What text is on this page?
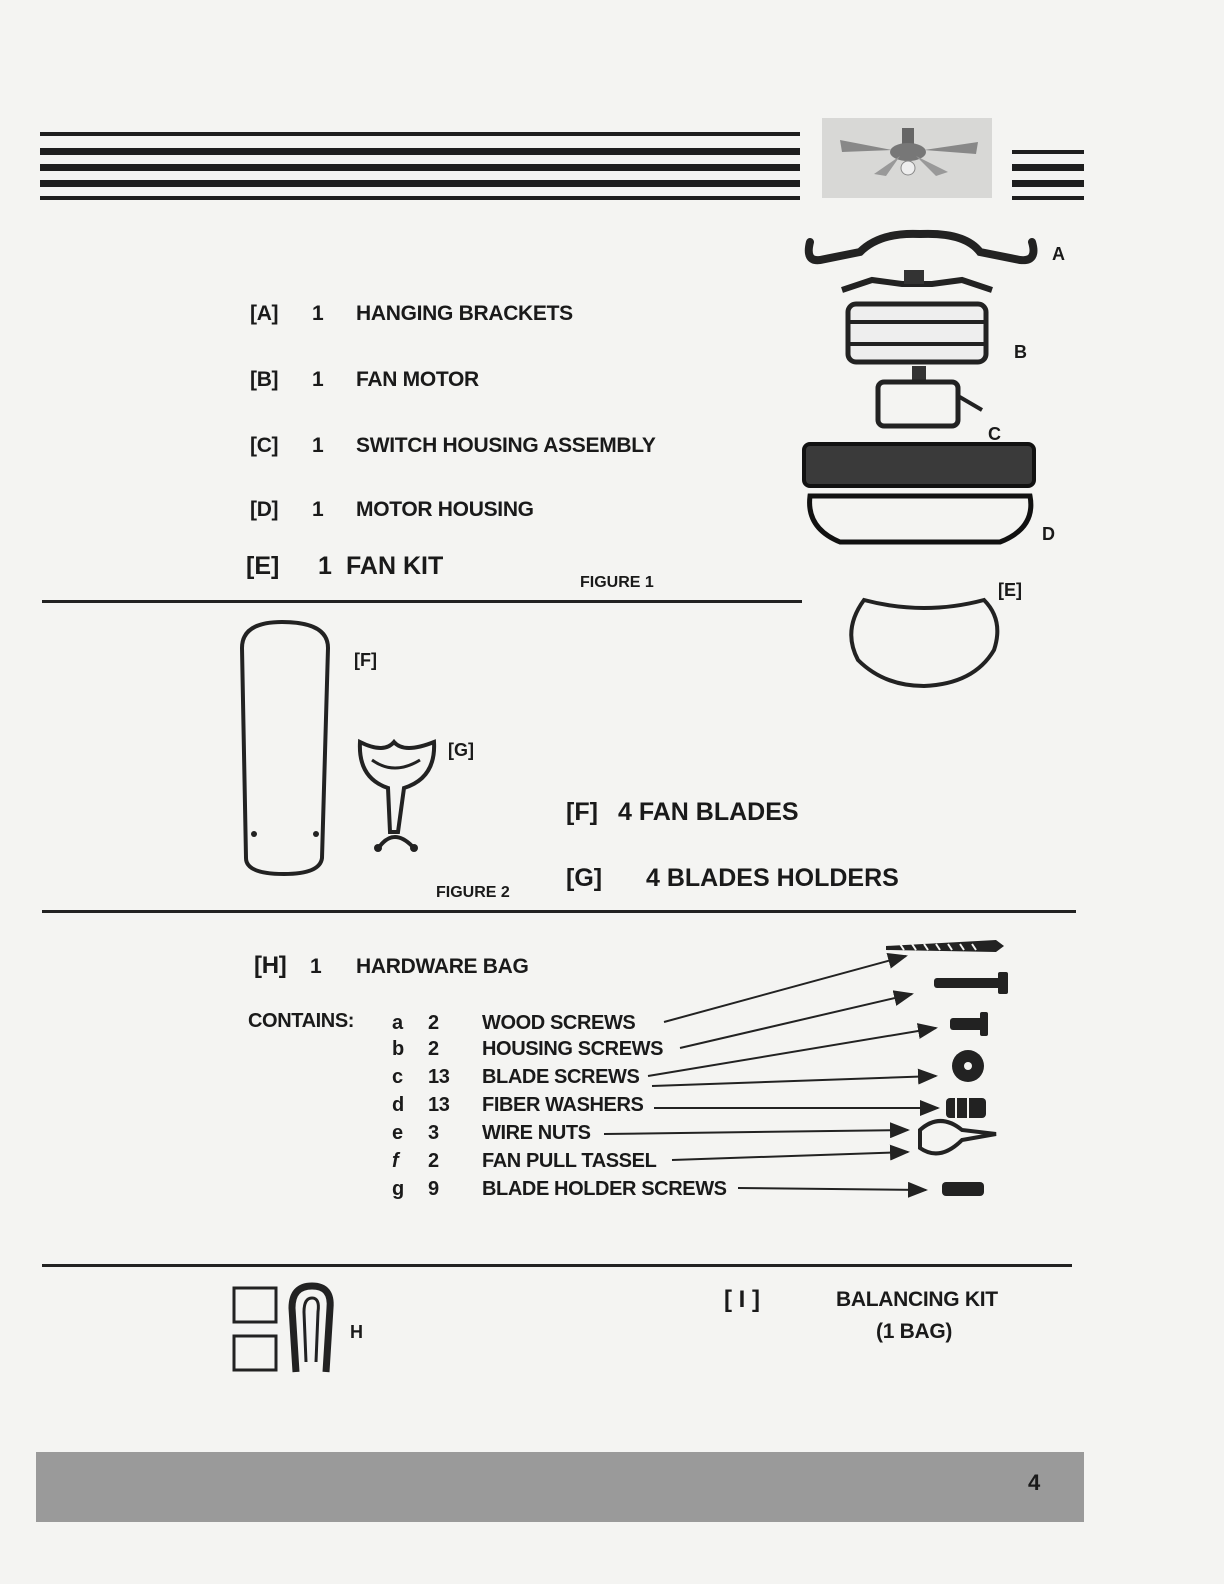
[A] 1 HANGING BRACKETS
[B] 1 FAN MOTOR
[C] 1 SWITCH HOUSING ASSEMBLY
[D] 1 MOTOR HOUSING
[E] 1 FAN KIT
A
B
C
D
FIGURE 1	[E]
[F]
[G]
[F] 4 FAN BLADES
[G] 4 BLADES HOLDERS
FIGURE 2
[H] 1 HARDWARE BAG
CONTAINS: a 2 WOOD SCREWS
b 2 HOUSING SCREWS
c 13 BLADE SCREWS
d 13 FIBER WASHERS
e 3 WIRE NUTS
f 2 FAN PULL TASSEL
g 9 BLADE HOLDER SCREWS
H
[ I ]	BALANCING KIT
(1 BAG)
4
